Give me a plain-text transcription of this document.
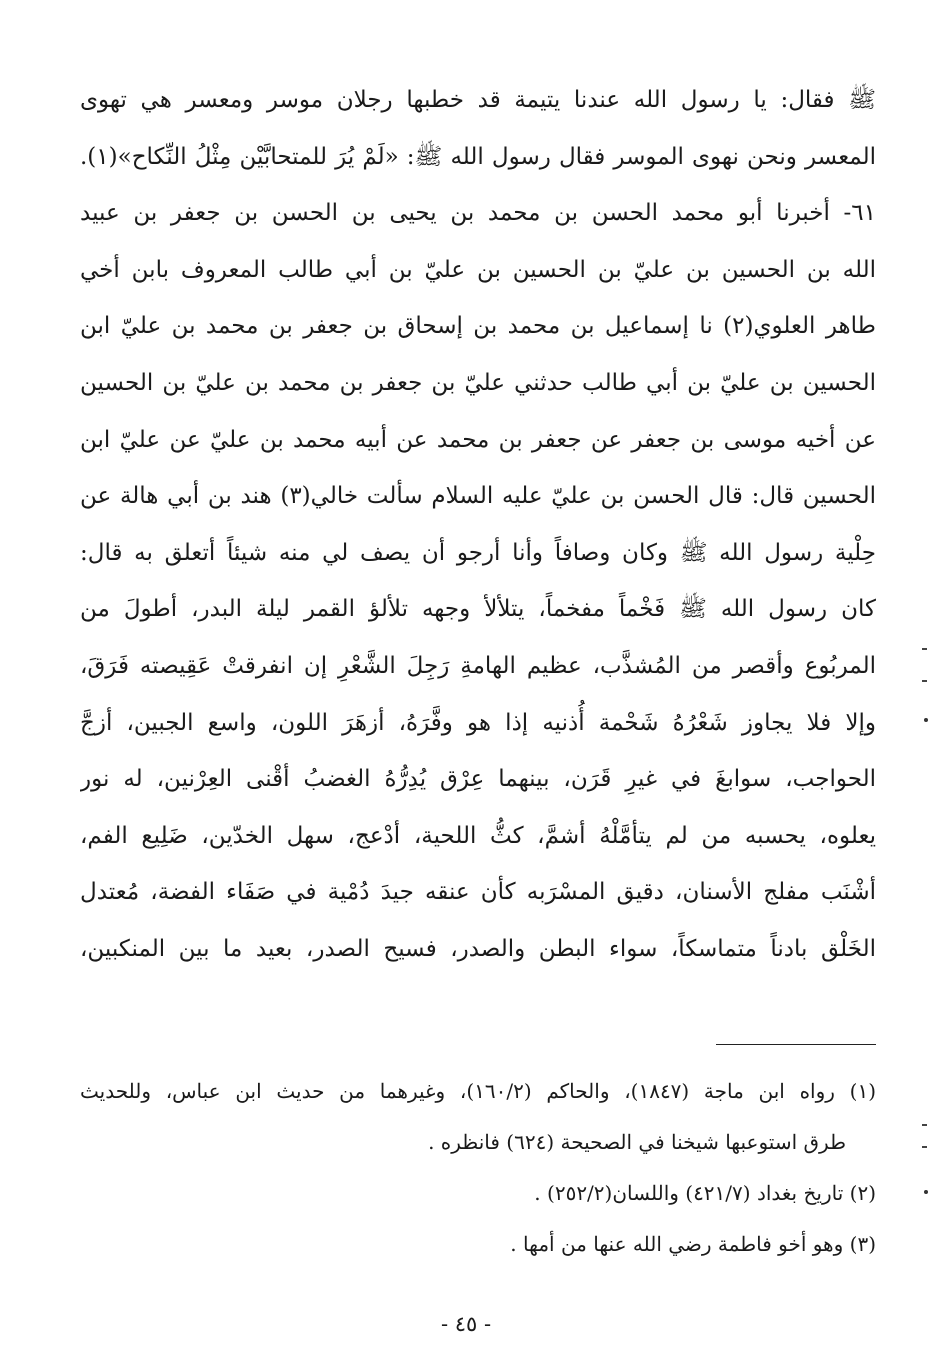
ﷺ فقال: يا رسول الله عندنا يتيمة قد خطبها رجلان موسر ومعسر هي تهوى
المعسر ونحن نهوى الموسر فقال رسول الله ﷺ: «لَمْ يُرَ للمتحابَّيْن مِثْلُ النِّكاح»(١).
٦١- أخبرنا أبو محمد الحسن بن محمد بن يحيى بن الحسن بن جعفر بن عبيد
الله بن الحسين بن عليّ بن الحسين بن عليّ بن أبي طالب المعروف بابن أخي
طاهر العلوي(٢) نا إسماعيل بن محمد بن إسحاق بن جعفر بن محمد بن عليّ ابن
الحسين بن عليّ بن أبي طالب حدثني عليّ بن جعفر بن محمد بن عليّ بن الحسين
عن أخيه موسى بن جعفر عن جعفر بن محمد عن أبيه محمد بن عليّ عن عليّ ابن
الحسين قال: قال الحسن بن عليّ عليه السلام سألت خالي(٣) هند بن أبي هالة عن
حِلْية رسول الله ﷺ وكان وصافاً وأنا أرجو أن يصف لي منه شيئاً أتعلق به قال:
كان رسول الله ﷺ فَخْماً مفخماً، يتلألأ وجهه تلألؤ القمر ليلة البدر، أطولَ من
المربُوع وأقصر من المُشذَّب، عظيم الهامةِ رَجِلَ الشَّعْرِ إن انفرقتْ عَقِيصته فَرَقَ،
وإلا فلا يجاوز شَعْرُهُ شَحْمة أُذنيه إذا هو وفَّرَهُ، أزهَرَ اللون، واسع الجبين، أزجَّ
الحواجب، سوابغَ في غيرِ قَرَن، بينهما عِرْق يُدِرُّهُ الغضبُ أقْنى العِرْنين، له نور
يعلوه، يحسبه من لم يتأمَّلْهُ أشمَّ، كثُّ اللحية، أدْعج، سهل الخدّين، ضَلِيع الفم،
أشْنَب مفلج الأسنان، دقيق المسْرَبه كأن عنقه جيدَ دُمْية في صَفَاء الفضة، مُعتدل
الخَلْق بادناً متماسكاً، سواء البطن والصدر، فسيح الصدر، بعيد ما بين المنكبين،
(١) رواه ابن ماجة (١٨٤٧)، والحاكم (١٦٠/٢)، وغيرهما من حديث ابن عباس، وللحديث
طرق استوعبها شيخنا في الصحيحة (٦٢٤) فانظره .
(٢) تاريخ بغداد (٤٢١/٧) واللسان(٢٥٢/٢) .
(٣) وهو أخو فاطمة رضي الله عنها من أمها .
- ٤٥ -
